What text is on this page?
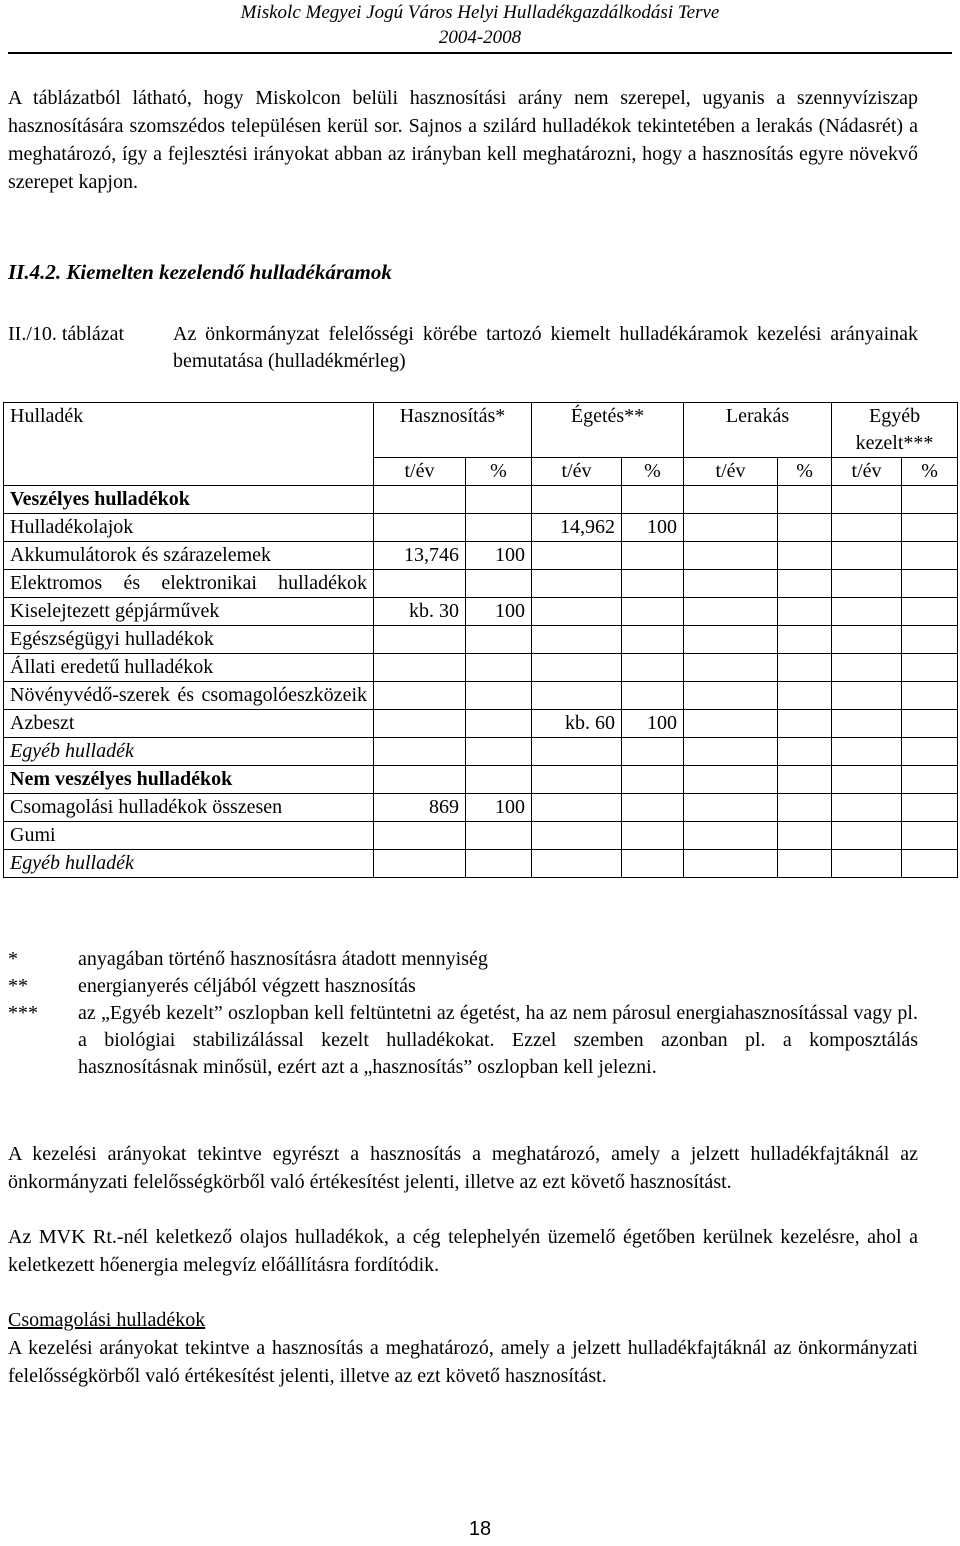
Miskolc Megyei Jogú Város Helyi Hulladékgazdálkodási Terve
2004-2008

A táblázatból látható, hogy Miskolcon belüli hasznosítási arány nem szerepel, ugyanis a szennyvíziszap hasznosítására szomszédos településen kerül sor. Sajnos a szilárd hulladékok tekintetében a lerakás (Nádasrét) a meghatározó, így a fejlesztési irányokat abban az irányban kell meghatározni, hogy a hasznosítás egyre növekvő szerepet kapjon.

II.4.2. Kiemelten kezelendő hulladékáramok
II./10. táblázat	Az önkormányzat felelősségi körébe tartozó kiemelt hulladékáramok kezelési arányainak bemutatása (hulladékmérleg)
Hulladék	Hasznosítás*		Égetés**		Lerakás		Egyéb kezelt***	
	t/év	%	t/év	%	t/év	%	t/év	%
Veszélyes hulladékok								
Hulladékolajok			14,962	100				
Akkumulátorok és szárazelemek	13,746	100						

Elektromos és elektronikai hulladékok								

Kiselejtezett gépjárművek	kb. 30	100						
Egészségügyi hulladékok								
Állati eredetű hulladékok								

Növényvédő-szerek és csomagolóeszközeik								

Azbeszt			kb. 60	100				
Egyéb hulladék								
Nem veszélyes hulladékok								
Csomagolási hulladékok összesen	869	100						
Gumi								
Egyéb hulladék								
*	anyagában történő hasznosításra átadott mennyiség
**	energianyerés céljából végzett hasznosítás
*** az „Egyéb kezelt” oszlopban kell feltüntetni az égetést, ha az nem párosul energiahasznosítással vagy pl. a biológiai stabilizálással kezelt hulladékokat. Ezzel szemben azonban pl. a komposztálás hasznosításnak minősül, ezért azt a „hasznosítás” oszlopban kell jelezni.

A kezelési arányokat tekintve egyrészt a hasznosítás a meghatározó, amely a jelzett hulladékfajtáknál az önkormányzati felelősségkörből való értékesítést jelenti, illetve az ezt követő hasznosítást.

Az MVK Rt.-nél keletkező olajos hulladékok, a cég telephelyén üzemelő égetőben kerülnek kezelésre, ahol a keletkezett hőenergia melegvíz előállításra fordítódik.

Csomagolási hulladékok

A kezelési arányokat tekintve a hasznosítás a meghatározó, amely a jelzett hulladékfajtáknál az önkormányzati felelősségkörből való értékesítést jelenti, illetve az ezt követő hasznosítást.

18
